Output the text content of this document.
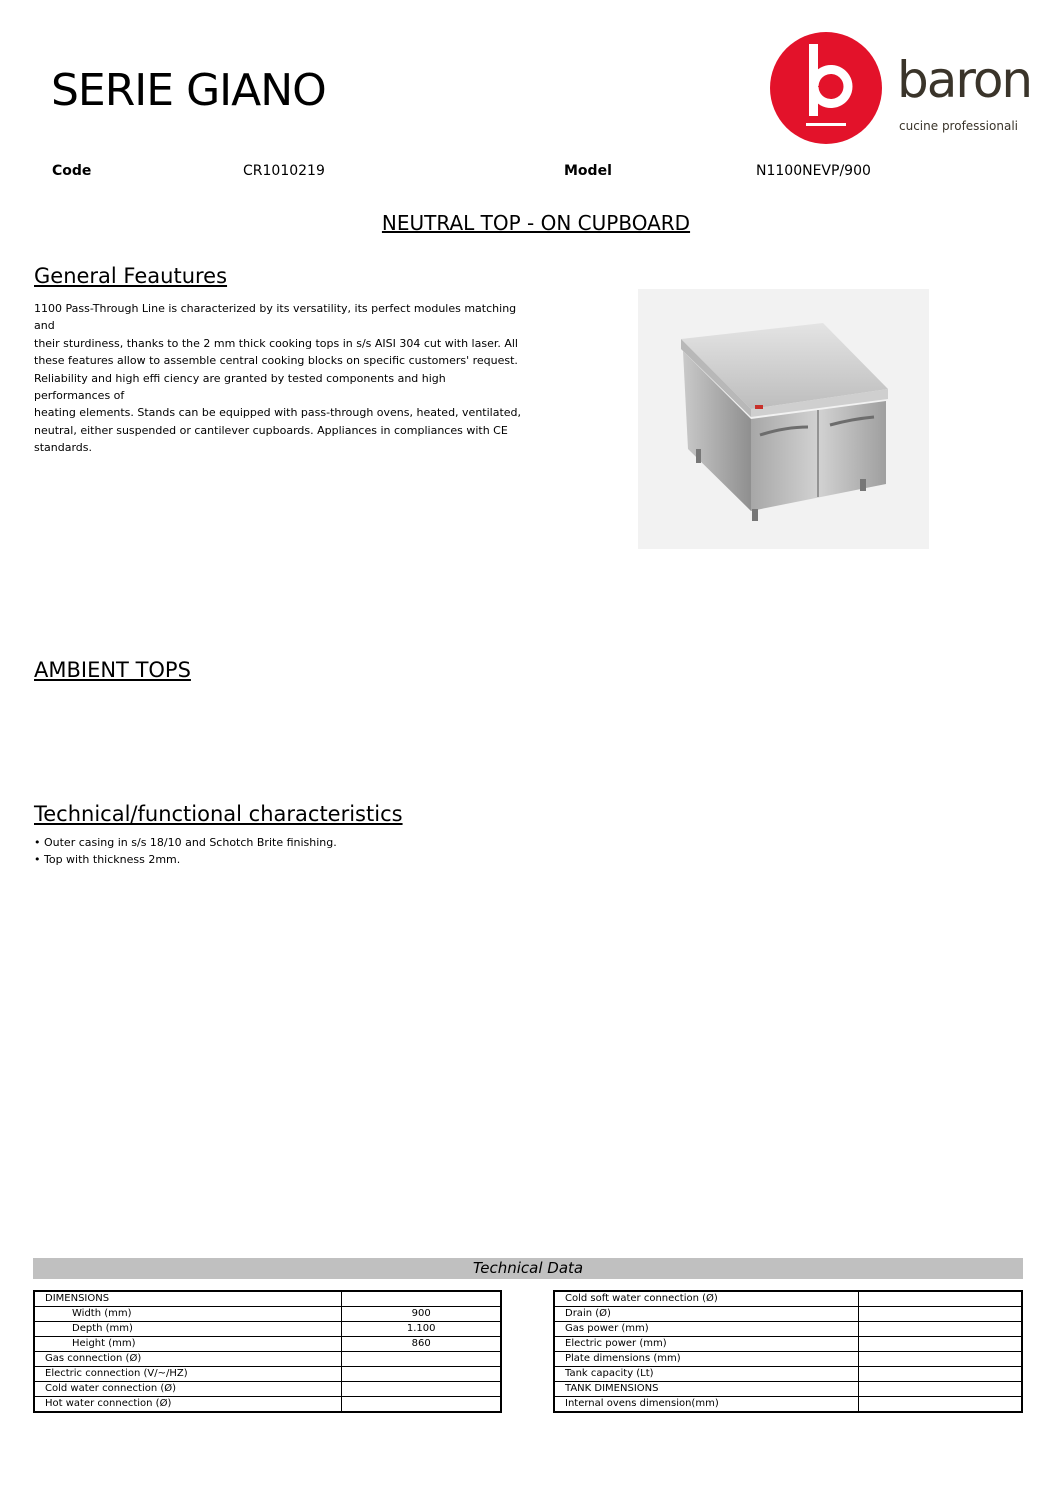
SERIE GIANO	baron
cucine professionali
Code	CR1010219	Model	N1100NEVP/900
NEUTRAL TOP - ON CUPBOARD
General Feautures
1100 Pass-Through Line is characterized by its versatility, its perfect modules matching and
their sturdiness, thanks to the 2 mm thick cooking tops in s/s AISI 304 cut with laser. All
these features allow to assemble central cooking blocks on specific customers' request.
Reliability and high effi ciency are granted by tested components and high performances of
heating elements. Stands can be equipped with pass-through ovens, heated, ventilated,
neutral, either suspended or cantilever cupboards. Appliances in compliances with CE
standards.
AMBIENT TOPS
Technical/functional characteristics
• Outer casing in s/s 18/10 and Schotch Brite finishing.
• Top with thickness 2mm.
Technical Data
DIMENSIONS	
Width (mm)	900
Depth (mm)	1.100
Height (mm)	860
Gas connection (Ø)	
Electric connection (V/~/HZ)	
Cold water connection (Ø)	
Hot water connection (Ø)	
Cold soft water connection (Ø)	
Drain (Ø)	
Gas power (mm)	
Electric power (mm)	
Plate dimensions (mm)	
Tank capacity (Lt)	
TANK DIMENSIONS	
Internal ovens dimension(mm)	
